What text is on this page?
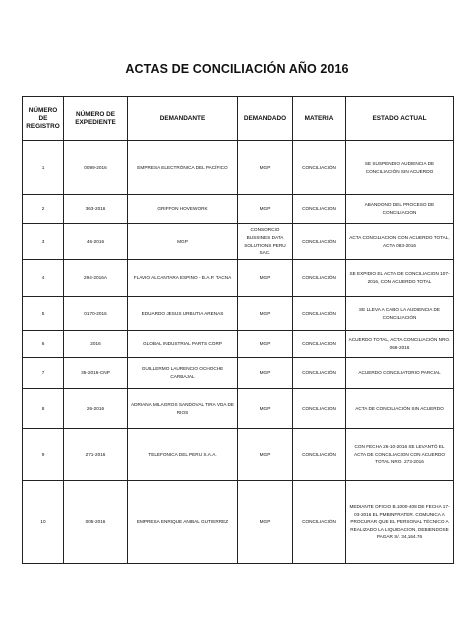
ACTAS DE CONCILIACIÓN AÑO 2016
NÚMERO DE REGISTRO	NÚMERO DE EXPEDIENTE	DEMANDANTE	DEMANDADO	MATERIA	ESTADO ACTUAL
1	0099-2016	EMPRESA ELECTRÓNICA DEL PACÍFICO	MGP	CONCILIACIÓN	SE SUSPENDIO AUDIENCIA DE CONCILIACIÓN SIN ACUERDO
2	363-2016	GRIFFON HOVEWORK	MGP	CONCILIACION	ABANDONO DEL PROCESO DE CONCILIACION
3	46-2016	MGP	CONSORCIO BUSSINES DATA SOLUTIONS PERU SAC.	CONCILIACIÓN	ACTA CONCILIACION CON ACUERDO TOTAL, ACTA 083-2016
4	294-2016A	FLAVIO ALCANTARA ESPINO - B.A.P. TACNA	MGP	CONCILIACIÓN	SE EXPIDIO EL ACTA DE CONCILIACION 107-2016, CON ACUERDO TOTAL
5	0170-2016	EDUARDO JESUS URBUTIA ARENAS	MGP	CONCILIACIÓN	SE LLEVA A CABO LA AUDIENCIA DE CONCILIACIÓN
6	2016	GLOBAL INDUSTRIAL PARTS CORP	MGP	CONCILIACION	ACUERDO TOTAL, ACTA CONCILIACIÓN NRO. 068-2016
7	35-2016-CNP	GUILLERMO LAURENCIO OCHOCHE CARBAJAL	MGP	CONCILIACIÓN	ACUERDO CONCILIATORIO PARCIAL
8	26-2016	ADRIANA MILAGROS SANDOVAL TIRA VDA DE RIOS	MGP	CONCILIACION	ACTA DE CONCILIACIÓN SIN ACUERDO
9	271-2016	TELEFONICA DEL PERU S.A.A.	MGP	CONCILIACIÓN	CON FECHA 26-10-2016 SE LEVANTÓ EL ACTA DE CONCILIACION CON ACUERDO TOTAL NRO. 273-2016
10	005-2016	EMPRESA ENRIQUE ANIBAL GUTIERREZ	MGP	CONCILIACIÓN	MEDIANTE OFICIO B.1000-408 DE FECHA 17-03-2016 EL PMBINFRATER. COMUNICA A PROCURAR QUE EL PERSONAL TÉCNICO A REALIZADO LA LIQUIDACION, DEBIENDOSE PAGAR S/. 34,164.76
